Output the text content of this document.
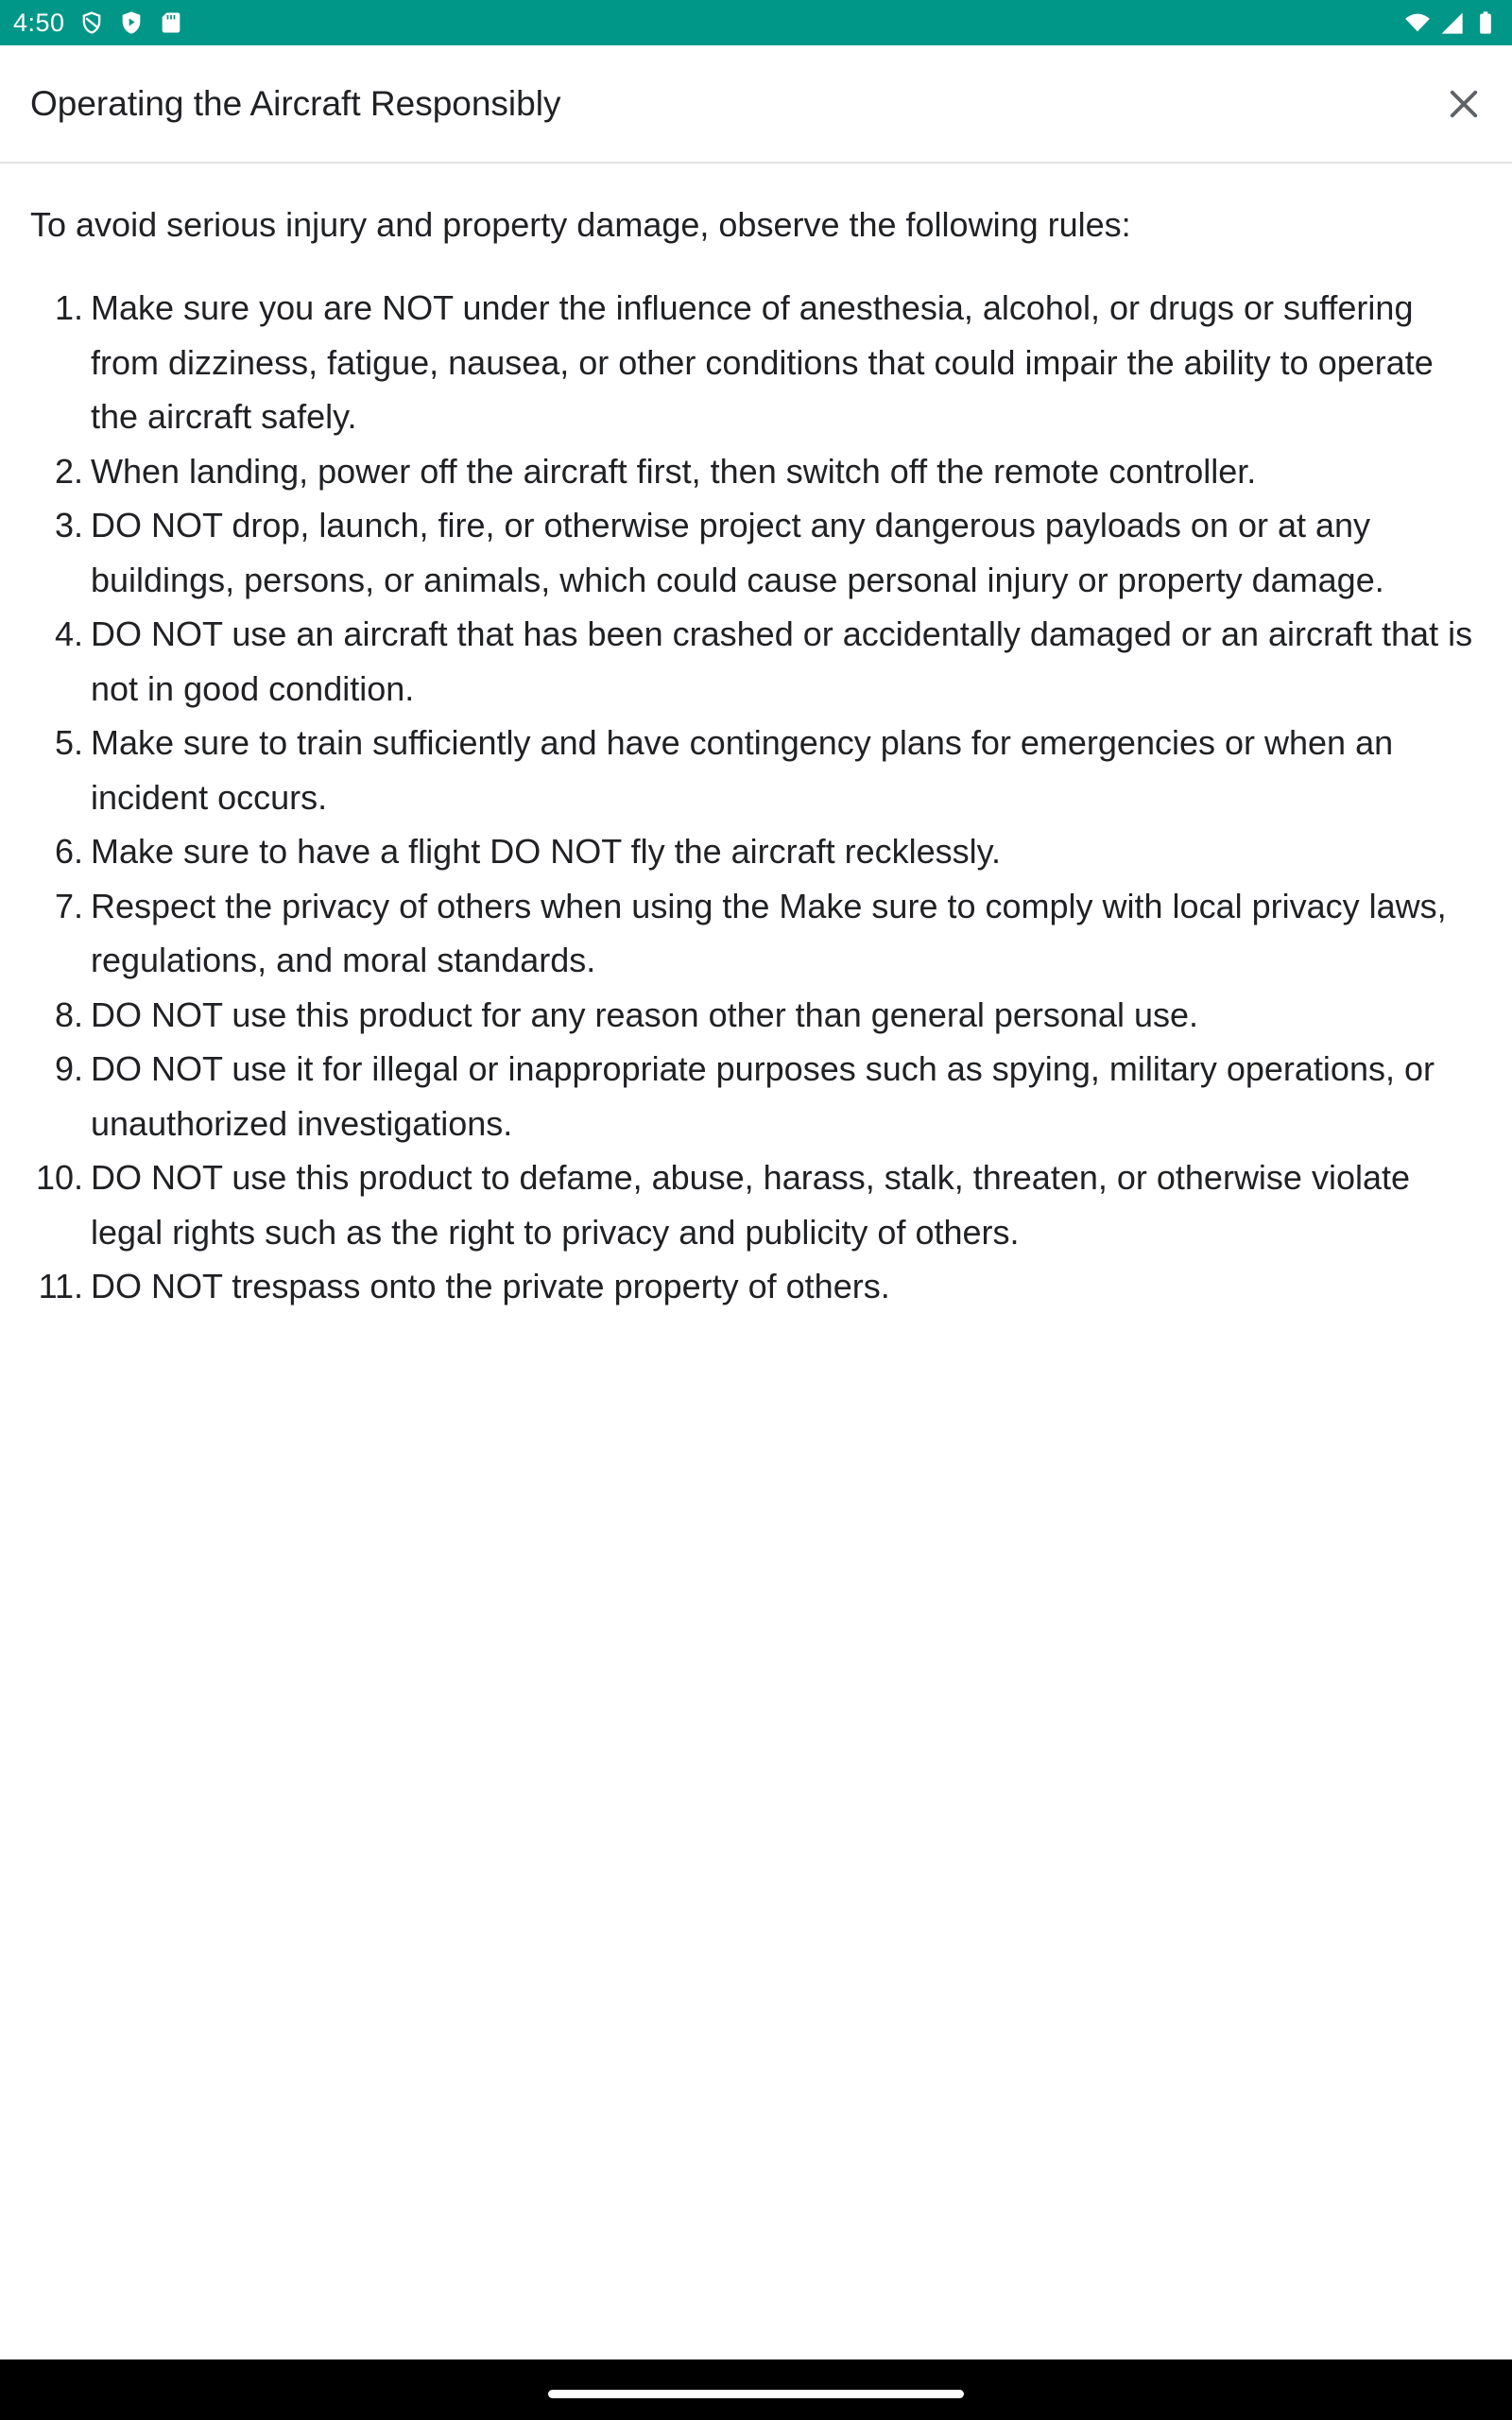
4:50
Operating the Aircraft Responsibly

To avoid serious injury and property damage, observe the following rules:

1. Make sure you are NOT under the influence of anesthesia, alcohol, or drugs or suffering from dizziness, fatigue, nausea, or other conditions that could impair the ability to operate the aircraft safely.
2. When landing, power off the aircraft first, then switch off the remote controller.
3. DO NOT drop, launch, fire, or otherwise project any dangerous payloads on or at any buildings, persons, or animals, which could cause personal injury or property damage.
4. DO NOT use an aircraft that has been crashed or accidentally damaged or an aircraft that is not in good condition.
5. Make sure to train sufficiently and have contingency plans for emergencies or when an incident occurs.
6. Make sure to have a flight DO NOT fly the aircraft recklessly.
7. Respect the privacy of others when using the Make sure to comply with local privacy laws, regulations, and moral standards.
8. DO NOT use this product for any reason other than general personal use.
9. DO NOT use it for illegal or inappropriate purposes such as spying, military operations, or unauthorized investigations.
10. DO NOT use this product to defame, abuse, harass, stalk, threaten, or otherwise violate legal rights such as the right to privacy and publicity of others.
11. DO NOT trespass onto the private property of others.
